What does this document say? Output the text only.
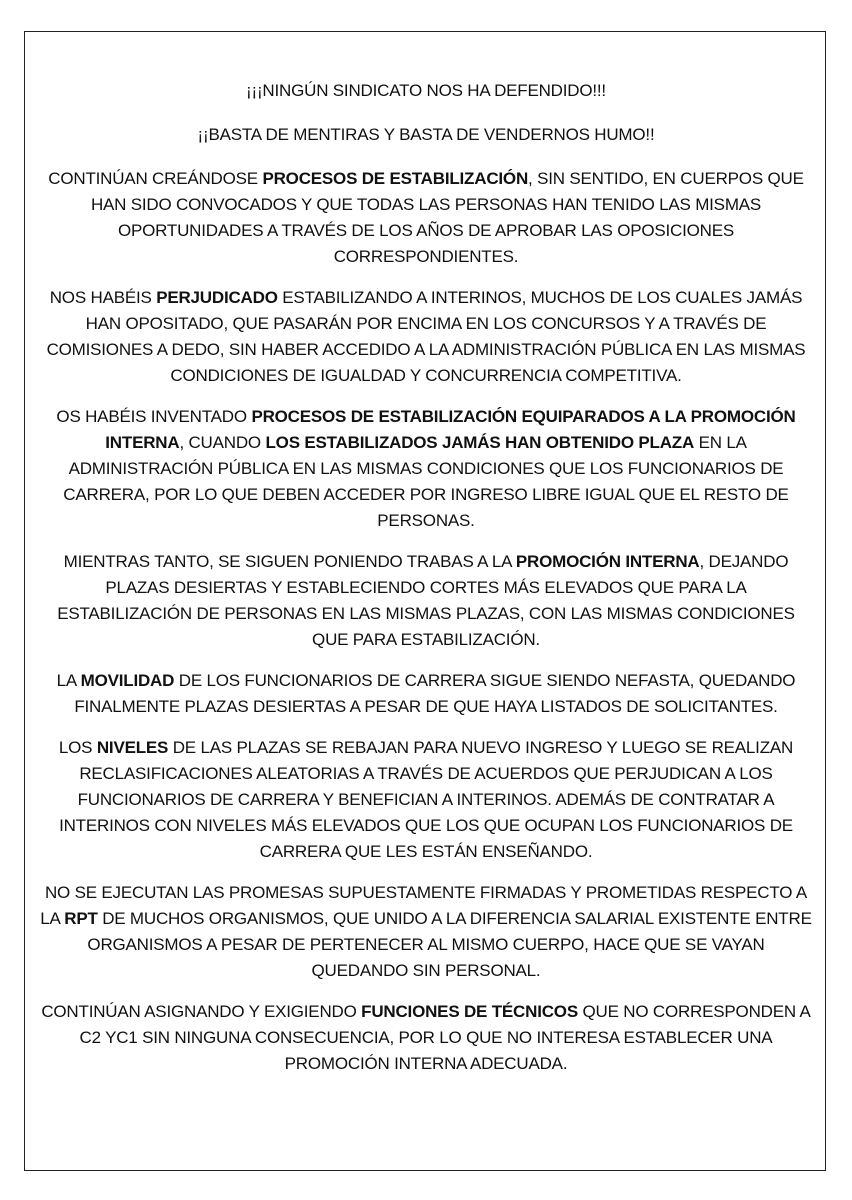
¡¡¡NINGÚN SINDICATO NOS HA DEFENDIDO!!!

¡¡BASTA DE MENTIRAS Y BASTA DE VENDERNOS HUMO!!

CONTINÚAN CREÁNDOSE PROCESOS DE ESTABILIZACIÓN, SIN SENTIDO, EN CUERPOS QUE HAN SIDO CONVOCADOS Y QUE TODAS LAS PERSONAS HAN TENIDO LAS MISMAS OPORTUNIDADES A TRAVÉS DE LOS AÑOS DE APROBAR LAS OPOSICIONES CORRESPONDIENTES.

NOS HABÉIS PERJUDICADO ESTABILIZANDO A INTERINOS, MUCHOS DE LOS CUALES JAMÁS HAN OPOSITADO, QUE PASARÁN POR ENCIMA EN LOS CONCURSOS Y A TRAVÉS DE COMISIONES A DEDO, SIN HABER ACCEDIDO A LA ADMINISTRACIÓN PÚBLICA EN LAS MISMAS CONDICIONES DE IGUALDAD Y CONCURRENCIA COMPETITIVA.

OS HABÉIS INVENTADO PROCESOS DE ESTABILIZACIÓN EQUIPARADOS A LA PROMOCIÓN INTERNA, CUANDO LOS ESTABILIZADOS JAMÁS HAN OBTENIDO PLAZA EN LA ADMINISTRACIÓN PÚBLICA EN LAS MISMAS CONDICIONES QUE LOS FUNCIONARIOS DE CARRERA, POR LO QUE DEBEN ACCEDER POR INGRESO LIBRE IGUAL QUE EL RESTO DE PERSONAS.

MIENTRAS TANTO, SE SIGUEN PONIENDO TRABAS A LA PROMOCIÓN INTERNA, DEJANDO PLAZAS DESIERTAS Y ESTABLECIENDO CORTES MÁS ELEVADOS QUE PARA LA ESTABILIZACIÓN DE PERSONAS EN LAS MISMAS PLAZAS, CON LAS MISMAS CONDICIONES QUE PARA ESTABILIZACIÓN.

LA MOVILIDAD DE LOS FUNCIONARIOS DE CARRERA SIGUE SIENDO NEFASTA, QUEDANDO FINALMENTE PLAZAS DESIERTAS A PESAR DE QUE HAYA LISTADOS DE SOLICITANTES.

LOS NIVELES DE LAS PLAZAS SE REBAJAN PARA NUEVO INGRESO Y LUEGO SE REALIZAN RECLASIFICACIONES ALEATORIAS A TRAVÉS DE ACUERDOS QUE PERJUDICAN A LOS FUNCIONARIOS DE CARRERA Y BENEFICIAN A INTERINOS. ADEMÁS DE CONTRATAR A INTERINOS CON NIVELES MÁS ELEVADOS QUE LOS QUE OCUPAN LOS FUNCIONARIOS DE CARRERA QUE LES ESTÁN ENSEÑANDO.

NO SE EJECUTAN LAS PROMESAS SUPUESTAMENTE FIRMADAS Y PROMETIDAS RESPECTO A LA RPT DE MUCHOS ORGANISMOS, QUE UNIDO A LA DIFERENCIA SALARIAL EXISTENTE ENTRE ORGANISMOS A PESAR DE PERTENECER AL MISMO CUERPO, HACE QUE SE VAYAN QUEDANDO SIN PERSONAL.

CONTINÚAN ASIGNANDO Y EXIGIENDO FUNCIONES DE TÉCNICOS QUE NO CORRESPONDEN A C2 YC1 SIN NINGUNA CONSECUENCIA, POR LO QUE NO INTERESA ESTABLECER UNA PROMOCIÓN INTERNA ADECUADA.
